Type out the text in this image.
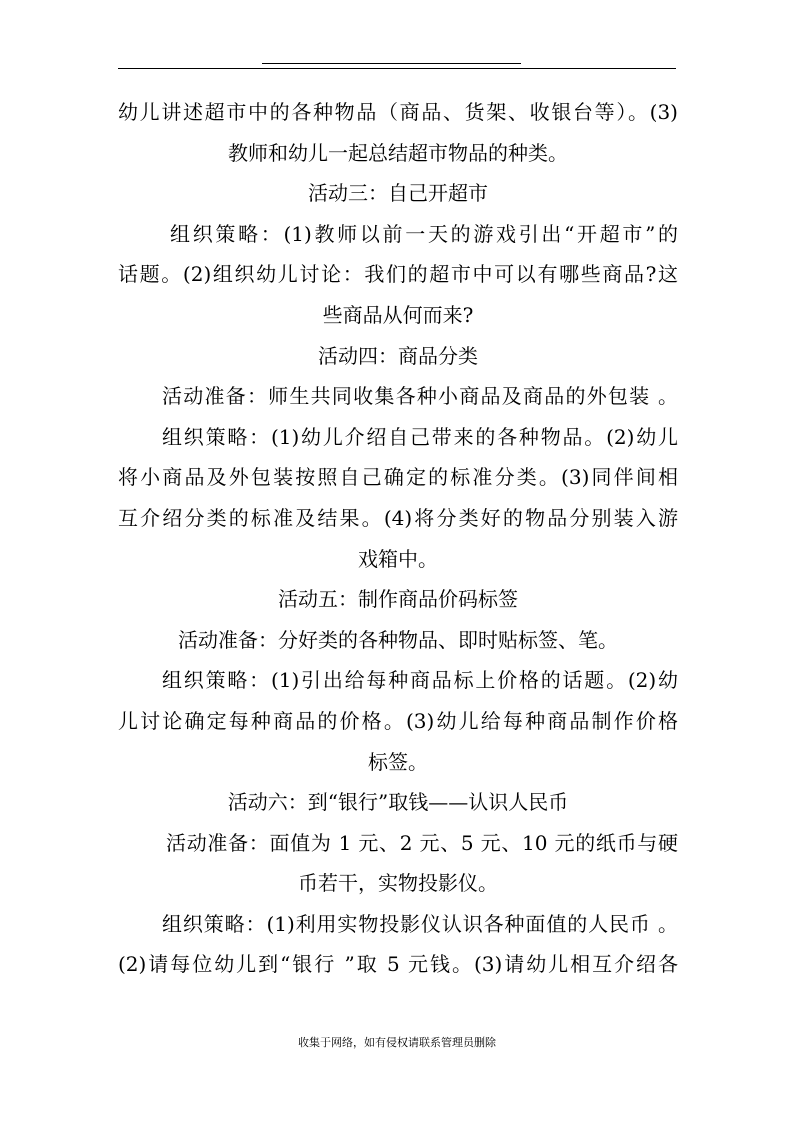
幼儿讲述超市中的各种物品（商品、货架、收银台等）。(3)
教师和幼儿一起总结超市物品的种类。
活动三：自己开超市
组织策略：(1)教师以前一天的游戏引出“开超市”的
话题。(2)组织幼儿讨论：我们的超市中可以有哪些商品?这
些商品从何而来?
活动四：商品分类
活动准备：师生共同收集各种小商品及商品的外包装 。
组织策略：(1)幼儿介绍自己带来的各种物品。(2)幼儿
将小商品及外包装按照自己确定的标准分类。(3)同伴间相
互介绍分类的标准及结果。(4)将分类好的物品分别装入游
戏箱中。
活动五：制作商品价码标签
活动准备：分好类的各种物品、即时贴标签、笔。
组织策略：(1)引出给每种商品标上价格的话题。(2)幼
儿讨论确定每种商品的价格。(3)幼儿给每种商品制作价格
标签。
活动六：到“银行”取钱——认识人民币
活动准备：面值为 1 元、2 元、5 元、10 元的纸币与硬
币若干，实物投影仪。
组织策略：(1)利用实物投影仪认识各种面值的人民币 。
(2)请每位幼儿到“银行 ”取 5 元钱。(3)请幼儿相互介绍各
收集于网络，如有侵权请联系管理员删除
